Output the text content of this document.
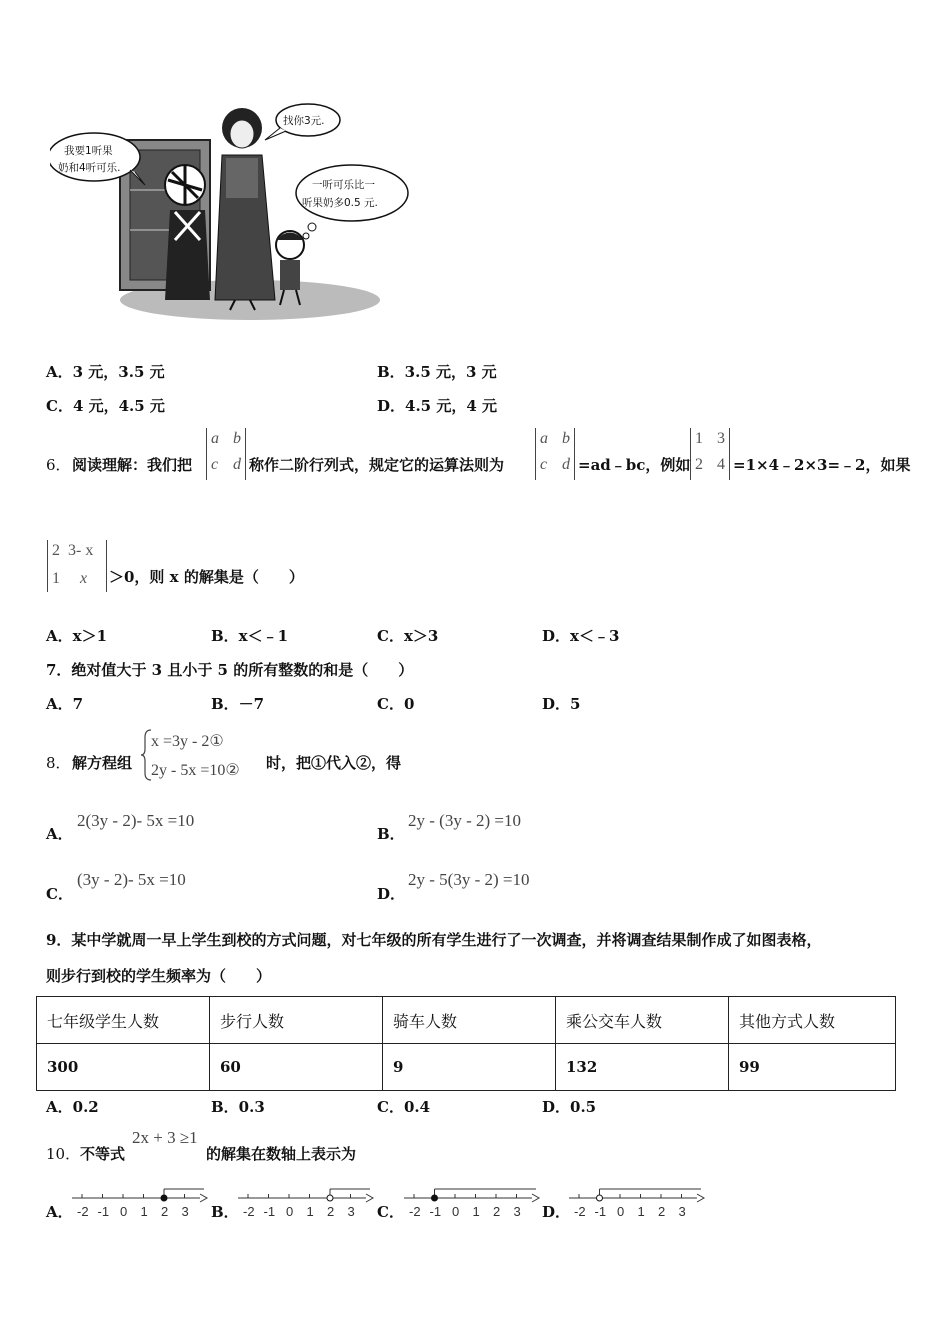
我要1听果
奶和4听可乐.
找你3元.
一听可乐比一
听果奶多0.5 元.
A．3 元，3.5 元	B．3.5 元，3 元
C．4 元，4.5 元	D．4.5 元，4 元
6． 阅读理解：我们把
a b
c d 称作二阶行列式，规定它的运算法则为
a b
c d =ad﹣bc，例如
1 3
2 4 =1×4﹣2×3=﹣2，如果
2 3- x
1 x ＞0，则 x 的解集是（　　）
A．x＞1	B．x＜﹣1	C．x＞3	D．x＜﹣3
7．绝对值大于 3 且小于 5 的所有整数的和是（　　）
A．7	B．－7	C．0	D．5
8． 解方程组
x =3y - 2①
2y - 5x =10② 时，把①代入②，得
A．
2(3y - 2)- 5x =10
B．
2y - (3y - 2) =10
C．
(3y - 2)- 5x =10
D．
2y - 5(3y - 2) =10
9．某中学就周一早上学生到校的方式问题，对七年级的所有学生进行了一次调查，并将调查结果制作成了如图表格，
则步行到校的学生频率为（　　）
七年级学生人数	步行人数	骑车人数	乘公交车人数	其他方式人数
300	60	9	132	99
A．0.2	B．0.3	C．0.4	D．0.5
10． 不等式
2x + 3 ≥1
的解集在数轴上表示为
A．	B．	C．	D．
-2 -1 0 1 2 3	-2 -1 0 1 2 3	-2 -1 0 1 2 3	-2 -1 0 1 2 3
